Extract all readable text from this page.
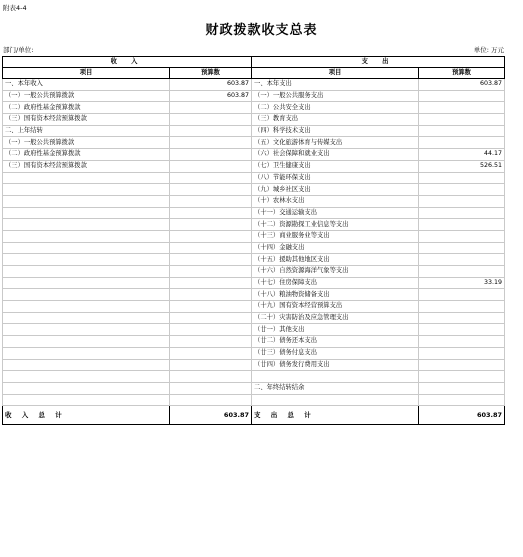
附表4-4
财政拨款收支总表
部门/单位:	单位: 万元
收 入		支 出	
项目	预算数	项目	预算数
一、本年收入	603.87	一、本年支出	603.87
（一）一般公共预算拨款	603.87	（一）一般公共服务支出	
（二）政府性基金预算拨款		（二）公共安全支出	
（三）国有资本经营预算拨款		（三）教育支出	
二、上年结转		（四）科学技术支出	
（一）一般公共预算拨款		（五）文化旅游体育与传媒支出	
（二）政府性基金预算拨款		（六）社会保障和就业支出	44.17
（三）国有资本经营预算拨款		（七）卫生健康支出	526.51
		（八）节能环保支出	
		（九）城乡社区支出	
		（十）农林水支出	
		（十一）交通运输支出	
		（十二）资源勘探工业信息等支出	
		（十三）商业服务业等支出	
		（十四）金融支出	
		（十五）援助其他地区支出	
		（十六）自然资源海洋气象等支出	
		（十七）住房保障支出	33.19
		（十八）粮油物资储备支出	
		（十九）国有资本经营预算支出	
		（二十）灾害防治及应急管理支出	
		（廿一）其他支出	
		（廿二）债务还本支出	
		（廿三）债务付息支出	
		（廿四）债务发行费用支出	

		二、年终结转结余	

收 入 总 计	603.87	支 出 总 计	603.87
